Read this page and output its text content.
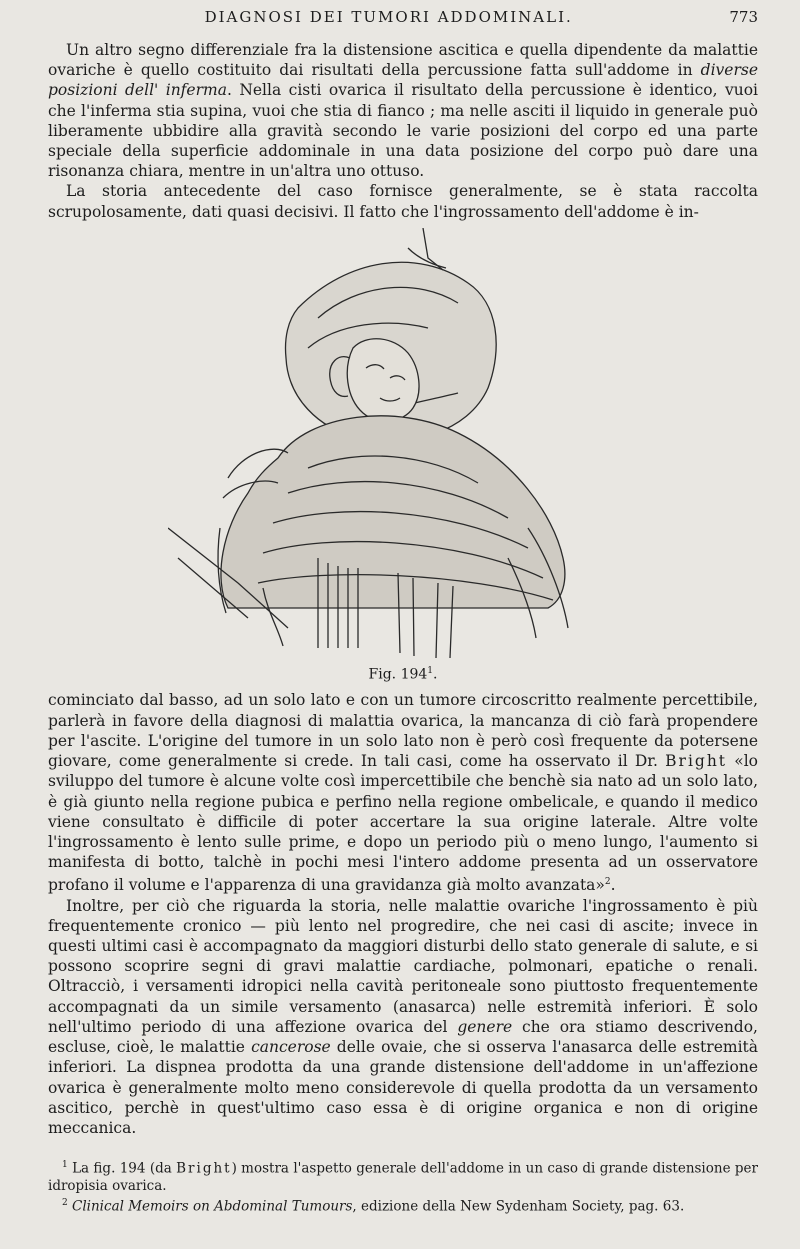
DIAGNOSI DEI TUMORI ADDOMINALI.	773

Un altro segno differenziale fra la distensione ascitica e quella dipendente da malattie ovariche è quello costituito dai risultati della percussione fatta sull'addome in diverse posizioni dell' inferma. Nella cisti ovarica il risultato della percussione è identico, vuoi che l'inferma stia supina, vuoi che stia di fianco ; ma nelle asciti il liquido in generale può liberamente ubbidire alla gravità secondo le varie posizioni del corpo ed una parte speciale della superficie addominale in una data posizione del corpo può dare una risonanza chiara, mentre in un'altra uno ottuso.

La storia antecedente del caso fornisce generalmente, se è stata raccolta scrupolosamente, dati quasi decisivi. Il fatto che l'ingrossamento dell'addome è in-

Fig. $194^1$.

cominciato dal basso, ad un solo lato e con un tumore circoscritto realmente percettibile, parlerà in favore della diagnosi di malattia ovarica, la mancanza di ciò farà propendere per l'ascite. L'origine del tumore in un solo lato non è però così frequente da potersene giovare, come generalmente si crede. In tali casi, come ha osservato il Dr. Bright «lo sviluppo del tumore è alcune volte così impercettibile che benchè sia nato ad un solo lato, è già giunto nella regione pubica e perfino nella regione ombelicale, e quando il medico viene consultato è difficile di poter accertare la sua origine laterale. Altre volte l'ingrossamento è lento sulle prime, e dopo un periodo più o meno lungo, l'aumento si manifesta di botto, talchè in pochi mesi l'intero addome presenta ad un osservatore profano il volume e l'apparenza di una gravidanza già molto avanzata»$^2$.

Inoltre, per ciò che riguarda la storia, nelle malattie ovariche l'ingrossamento è più frequentemente cronico — più lento nel progredire, che nei casi di ascite; invece in questi ultimi casi è accompagnato da maggiori disturbi dello stato generale di salute, e si possono scoprire segni di gravi malattie cardiache, polmonari, epatiche o renali. Oltracciò, i versamenti idropici nella cavità peritoneale sono piuttosto frequentemente accompagnati da un simile versamento (anasarca) nelle estremità inferiori. È solo nell'ultimo periodo di una affezione ovarica del genere che ora stiamo descrivendo, escluse, cioè, le malattie cancerose delle ovaie, che si osserva l'anasarca delle estremità inferiori. La dispnea prodotta da una grande distensione dell'addome in un'affezione ovarica è generalmente molto meno considerevole di quella prodotta da un versamento ascitico, perchè in quest'ultimo caso essa è di origine organica e non di origine meccanica.

$^1$ La fig. 194 (da Bright) mostra l'aspetto generale dell'addome in un caso di grande distensione per idropisia ovarica.

$^2$ Clinical Memoirs on Abdominal Tumours, edizione della New Sydenham Society, pag. 63.
